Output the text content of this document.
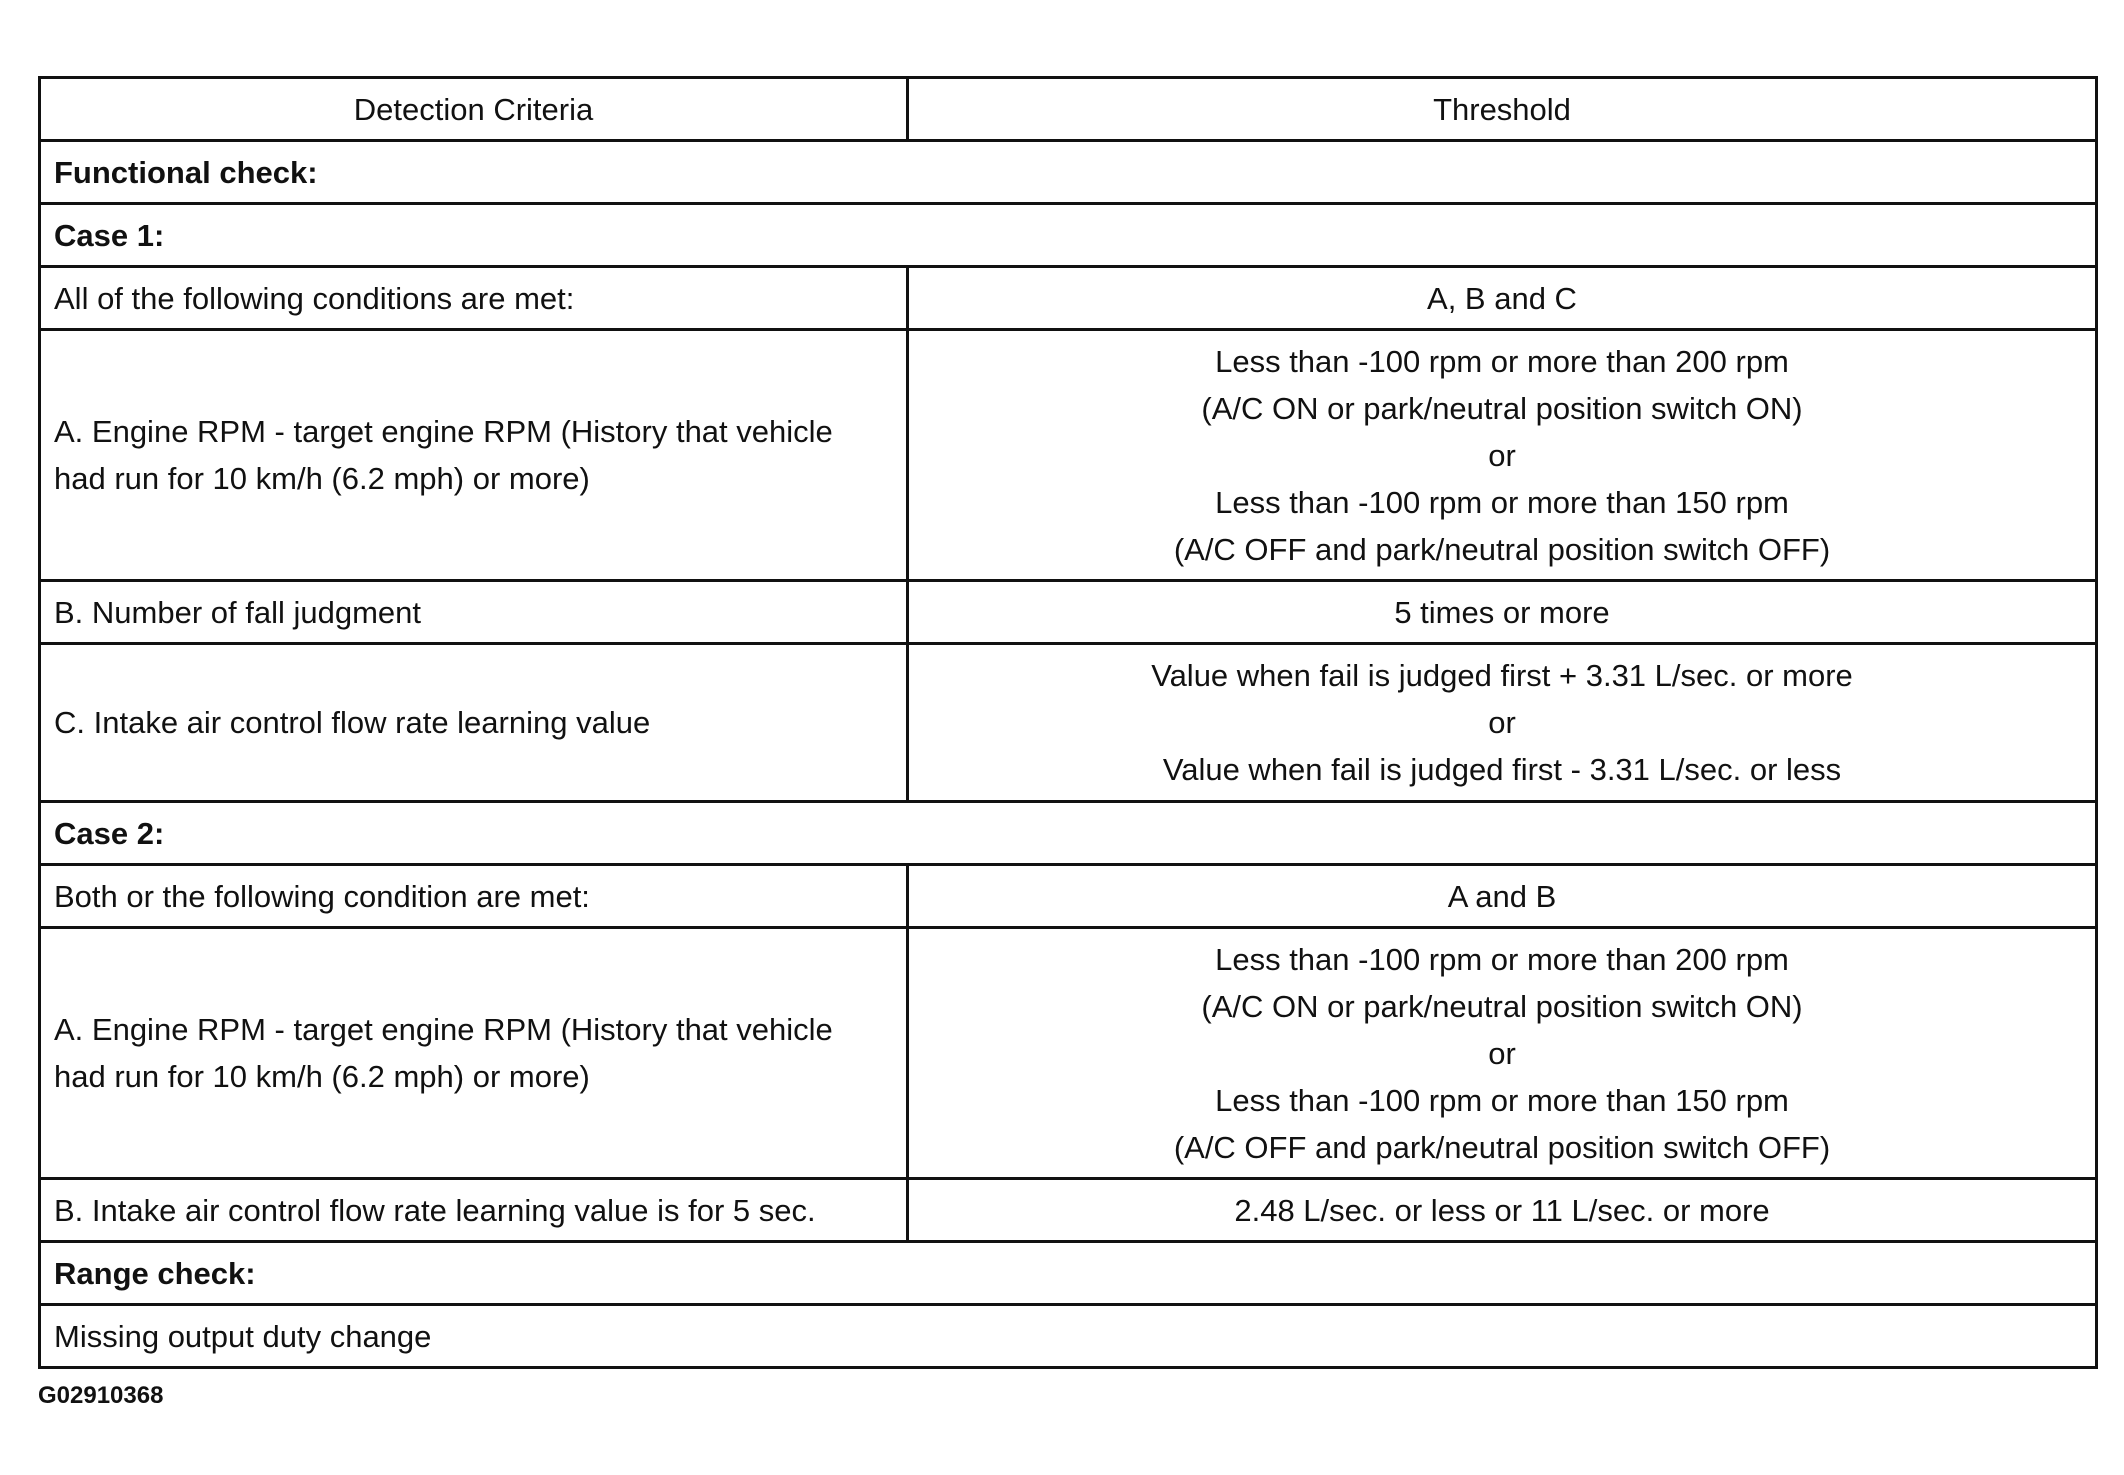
Detection Criteria	Threshold
Functional check:	
Case 1:	
All of the following conditions are met:	A, B and C
A. Engine RPM - target engine RPM (History that vehicle had run for 10 km/h (6.2 mph) or more)	Less than -100 rpm or more than 200 rpm
(A/C ON or park/neutral position switch ON)
or
Less than -100 rpm or more than 150 rpm
(A/C OFF and park/neutral position switch OFF)

B. Number of fall judgment	5 times or more
C. Intake air control flow rate learning value	Value when fail is judged first + 3.31 L/sec. or more
or
Value when fail is judged first - 3.31 L/sec. or less

Case 2:	
Both or the following condition are met:	A and B
A. Engine RPM - target engine RPM (History that vehicle had run for 10 km/h (6.2 mph) or more)	Less than -100 rpm or more than 200 rpm
(A/C ON or park/neutral position switch ON)
or
Less than -100 rpm or more than 150 rpm
(A/C OFF and park/neutral position switch OFF)

B. Intake air control flow rate learning value is for 5 sec.	2.48 L/sec. or less or 11 L/sec. or more
Range check:	
Missing output duty change	
G02910368
